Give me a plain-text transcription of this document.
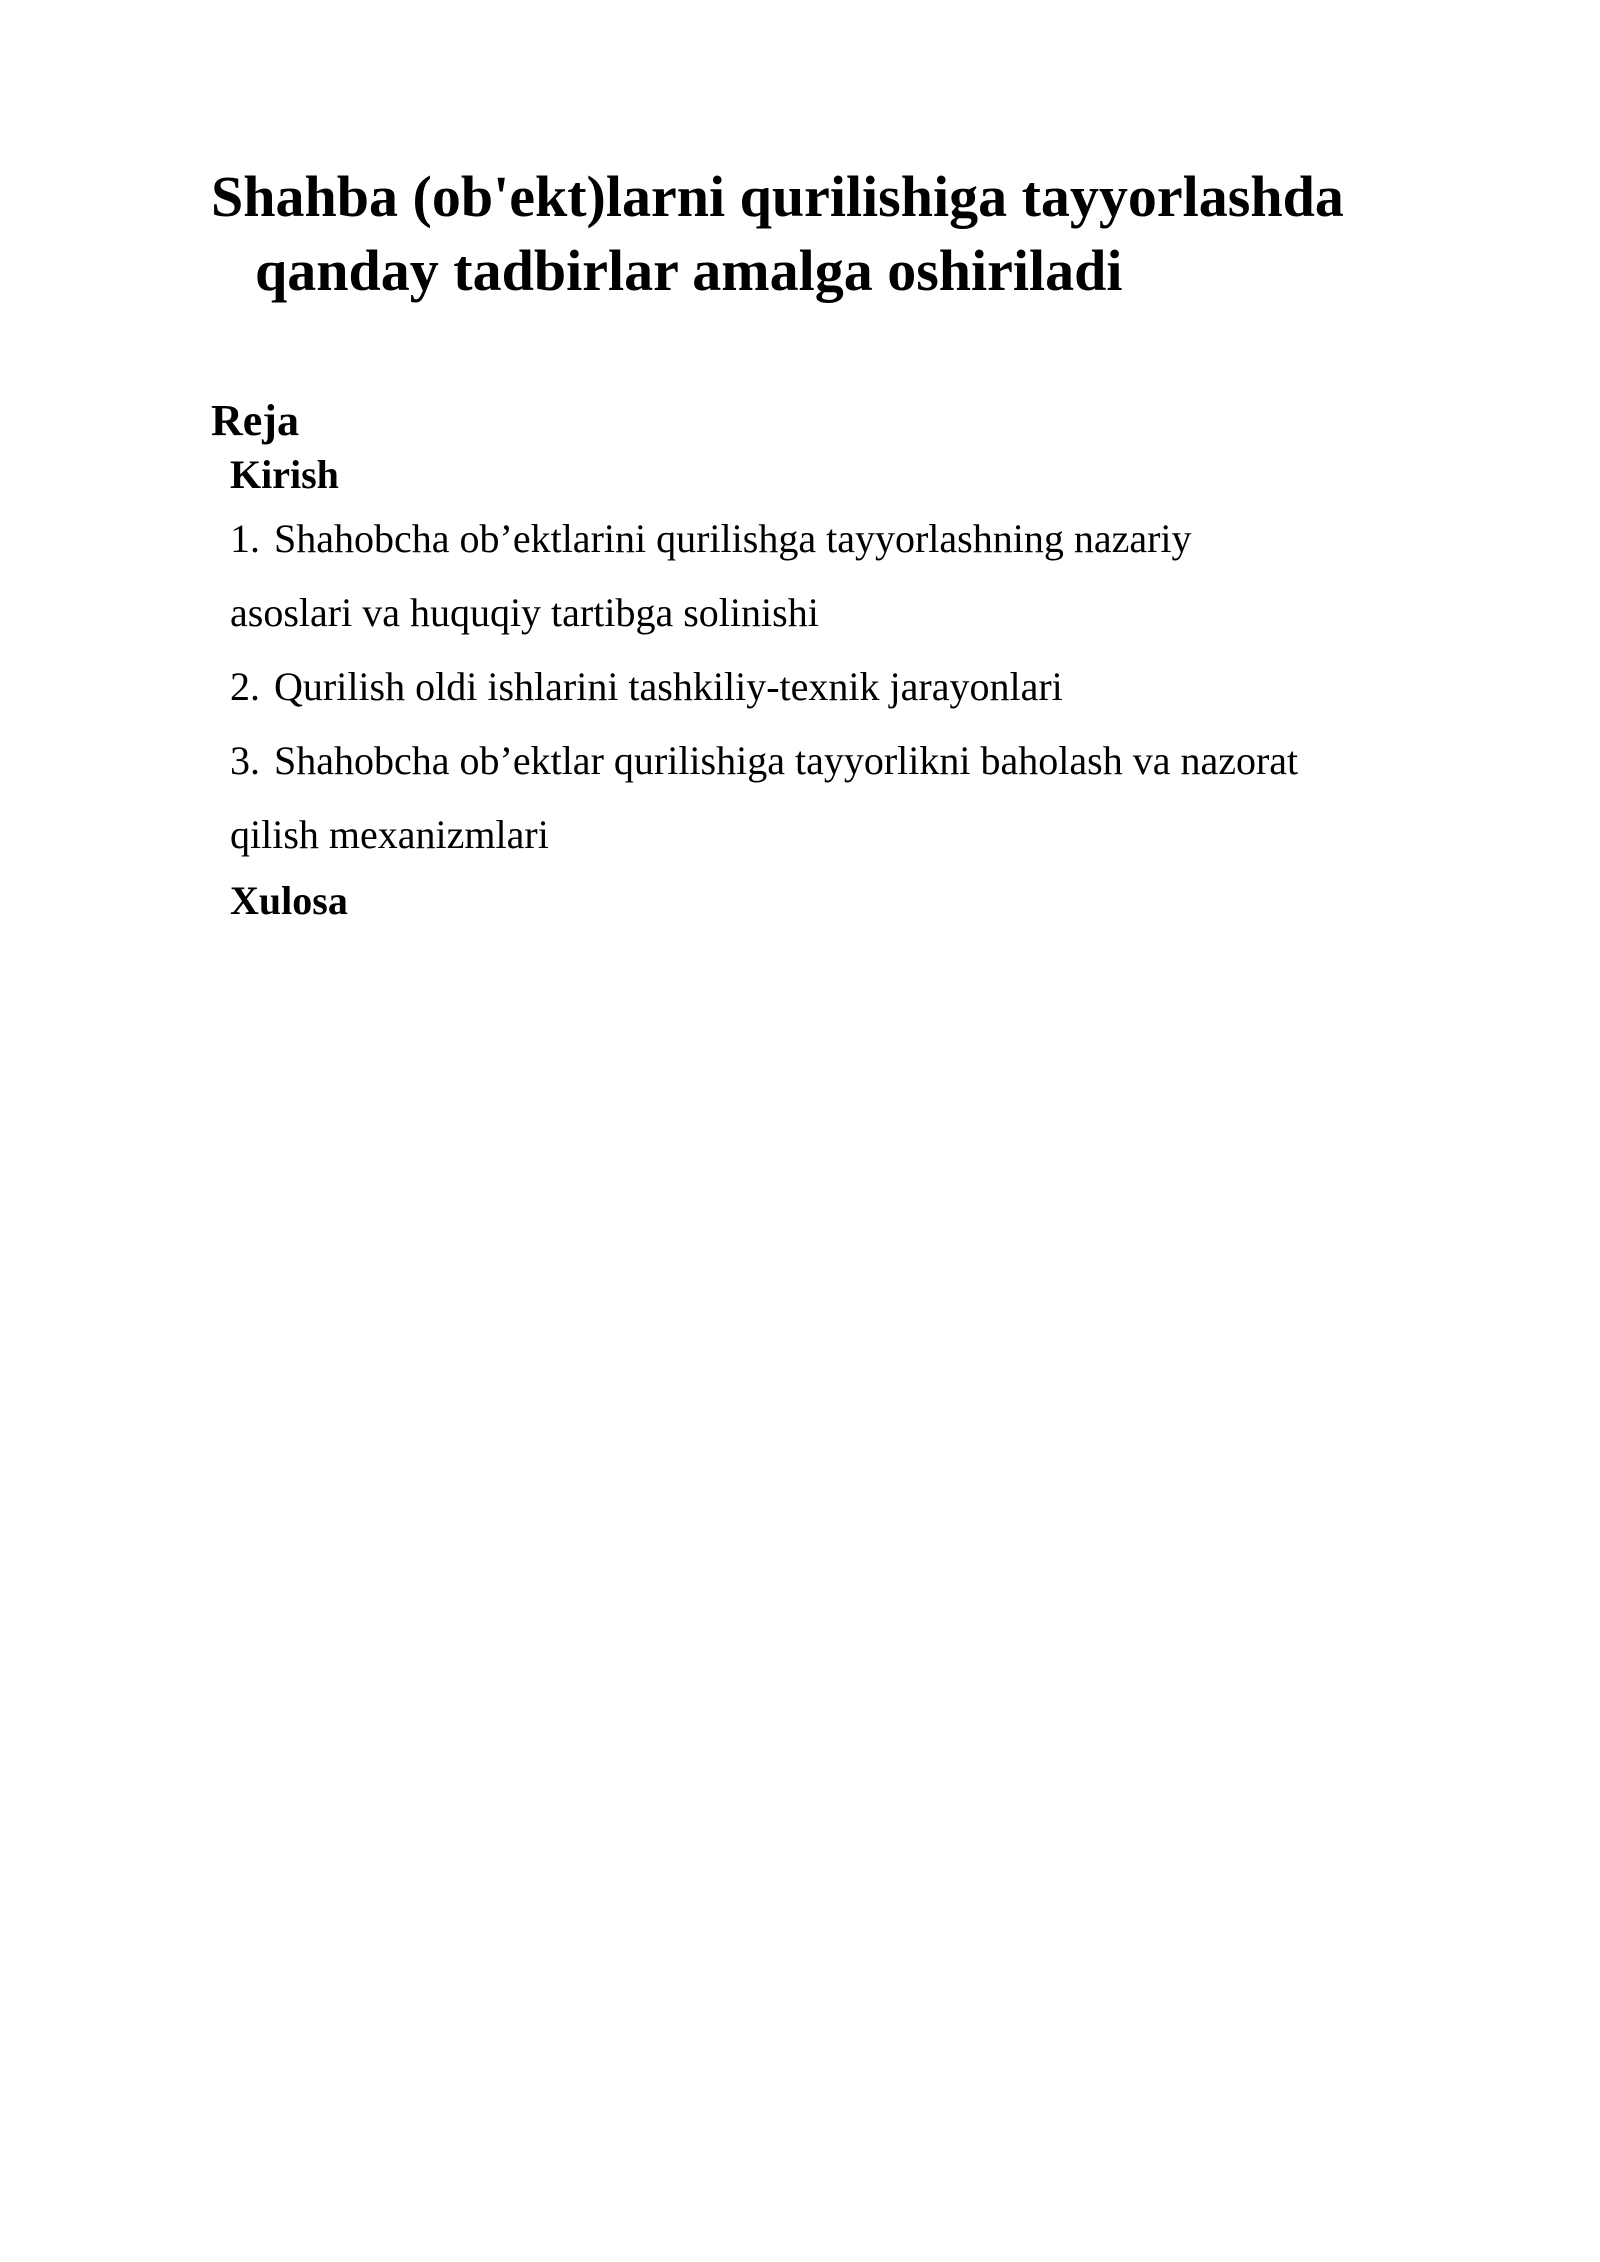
Shahba (ob'ekt)larni qurilishiga tayyorlashda
qanday tadbirlar amalga oshiriladi
Reja

Kirish

1. Shahobcha ob’ektlarini qurilishga tayyorlashning nazariy
asoslari va huquqiy tartibga solinishi

2. Qurilish oldi ishlarini tashkiliy-texnik jarayonlari

3. Shahobcha ob’ektlar qurilishiga tayyorlikni baholash va nazorat
qilish mexanizmlari

Xulosa
